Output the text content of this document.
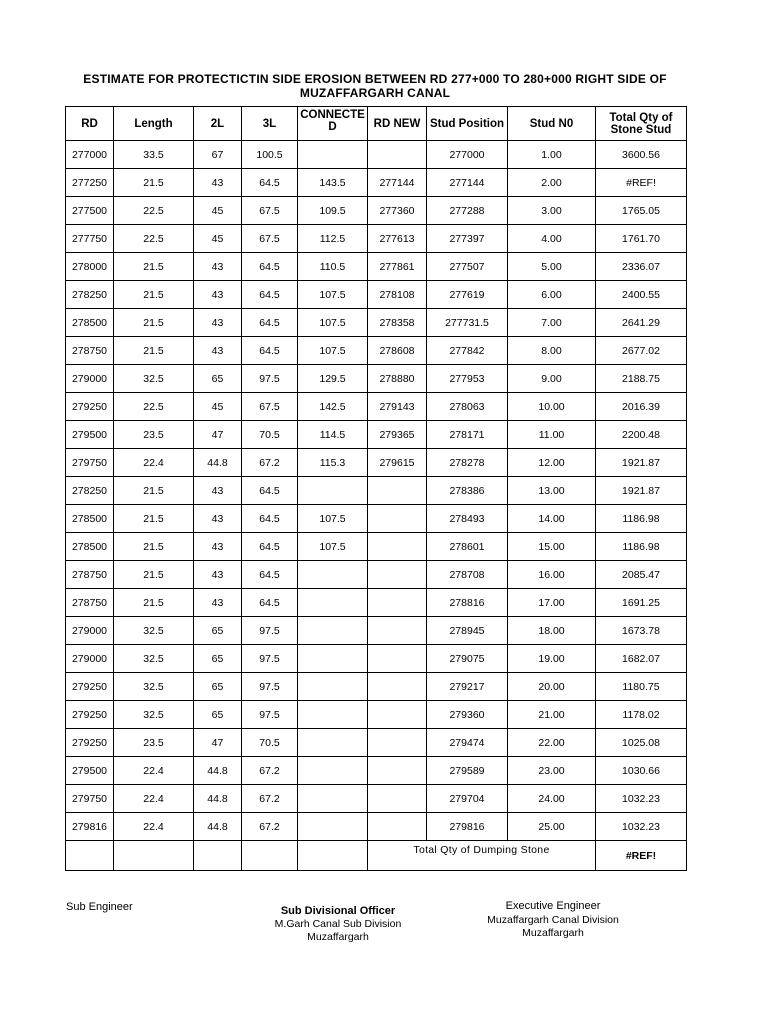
ESTIMATE FOR PROTECTICTIN SIDE EROSION BETWEEN RD 277+000 TO 280+000 RIGHT SIDE OF
MUZAFFARGARH CANAL
RD	Length	2L	3L	CONNECTE D	RD NEW	Stud Position	Stud N0	Total Qty of Stone Stud
277000	33.5	67	100.5			277000	1.00	3600.56
277250	21.5	43	64.5	143.5	277144	277144	2.00	#REF!
277500	22.5	45	67.5	109.5	277360	277288	3.00	1765.05
277750	22.5	45	67.5	112.5	277613	277397	4.00	1761.70
278000	21.5	43	64.5	110.5	277861	277507	5.00	2336.07
278250	21.5	43	64.5	107.5	278108	277619	6.00	2400.55
278500	21.5	43	64.5	107.5	278358	277731.5	7.00	2641.29
278750	21.5	43	64.5	107.5	278608	277842	8.00	2677.02
279000	32.5	65	97.5	129.5	278880	277953	9.00	2188.75
279250	22.5	45	67.5	142.5	279143	278063	10.00	2016.39
279500	23.5	47	70.5	114.5	279365	278171	11.00	2200.48
279750	22.4	44.8	67.2	115.3	279615	278278	12.00	1921.87
278250	21.5	43	64.5			278386	13.00	1921.87
278500	21.5	43	64.5	107.5		278493	14.00	1186.98
278500	21.5	43	64.5	107.5		278601	15.00	1186.98
278750	21.5	43	64.5			278708	16.00	2085.47
278750	21.5	43	64.5			278816	17.00	1691.25
279000	32.5	65	97.5			278945	18.00	1673.78
279000	32.5	65	97.5			279075	19.00	1682.07
279250	32.5	65	97.5			279217	20.00	1180.75
279250	32.5	65	97.5			279360	21.00	1178.02
279250	23.5	47	70.5			279474	22.00	1025.08
279500	22.4	44.8	67.2			279589	23.00	1030.66
279750	22.4	44.8	67.2			279704	24.00	1032.23
279816	22.4	44.8	67.2			279816	25.00	1032.23
					Total Qty of Dumping Stone			#REF!
Sub Engineer	Sub Divisional Officer
M.Garh Canal Sub Division
Muzaffargarh
Executive Engineer
Muzaffargarh Canal Division
Muzaffargarh
